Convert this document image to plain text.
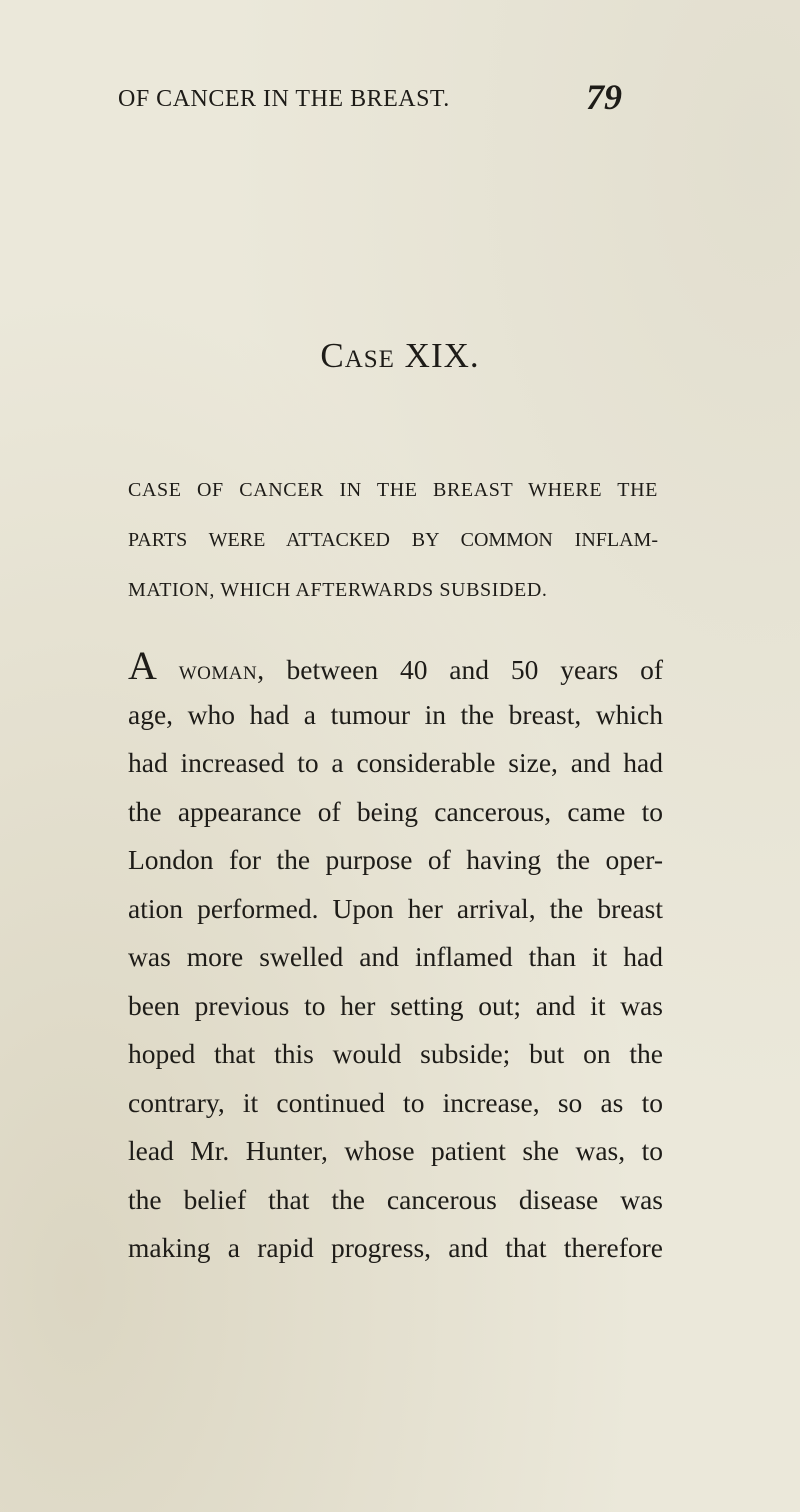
OF CANCER IN THE BREAST.	79
Case XIX.
CASE OF CANCER IN THE BREAST WHERE THE
PARTS WERE ATTACKED BY COMMON INFLAM-
MATION, WHICH AFTERWARDS SUBSIDED.
A woman, between 40 and 50 years of
age, who had a tumour in the breast, which
had increased to a considerable size, and had
the appearance of being cancerous, came to
London for the purpose of having the oper-
ation performed. Upon her arrival, the breast
was more swelled and inflamed than it had
been previous to her setting out; and it was
hoped that this would subside; but on the
contrary, it continued to increase, so as to
lead Mr. Hunter, whose patient she was, to
the belief that the cancerous disease was
making a rapid progress, and that therefore
